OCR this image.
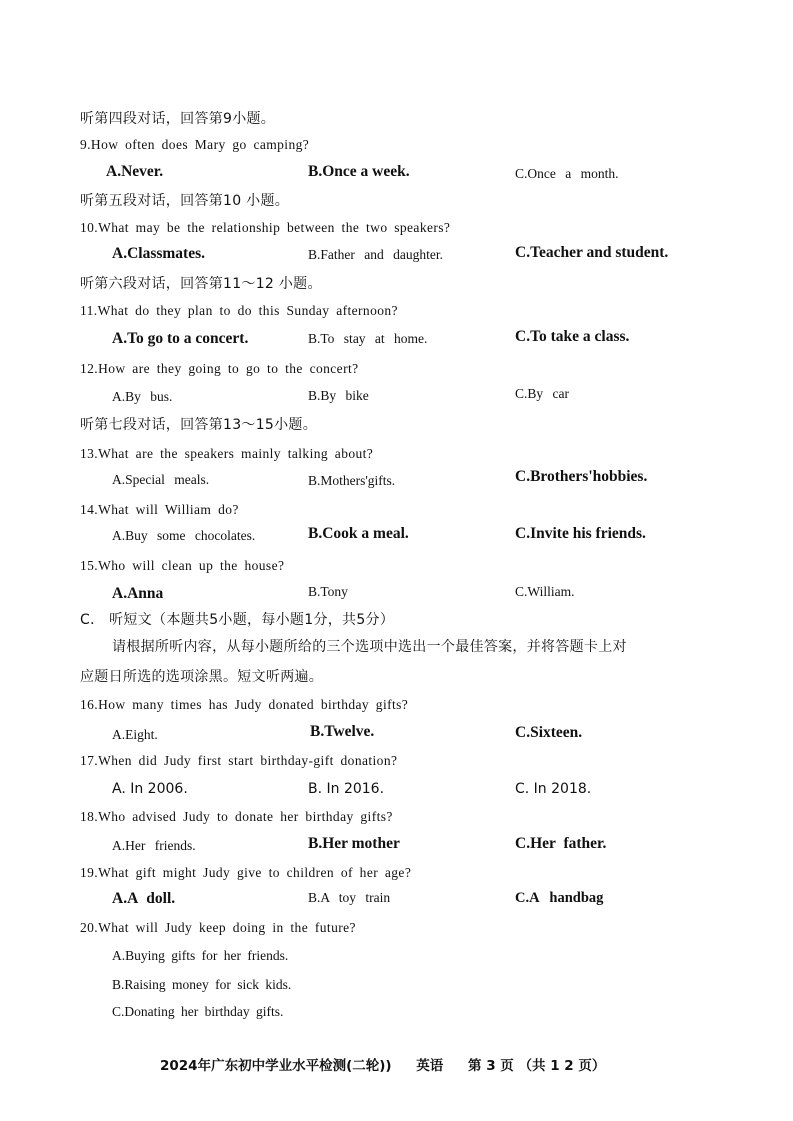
听第四段对话，回答第9小题。
9.How often does Mary go camping?
A.Never.	B.Once a week.	C.Once a month.
听第五段对话，回答第10 小题。
10.What may be the relationship between the two speakers?
A.Classmates.	B.Father and daughter.	C.Teacher and student.
听第六段对话，回答第11～12 小题。
11.What do they plan to do this Sunday afternoon?
A.To go to a concert.	B.To stay at home.	C.To take a class.
12.How are they going to go to the concert?
A.By bus.	B.By bike	C.By car
听第七段对话，回答第13～15小题。
13.What are the speakers mainly talking about?
A.Special meals.	B.Mothers'gifts.	C.Brothers'hobbies.
14.What will William do?
A.Buy some chocolates.	B.Cook a meal.	C.Invite his friends.
15.Who will clean up the house?
A.Anna	B.Tony	C.William.
C． 听短文（本题共5小题，每小题1分，共5分）
请根据所听内容，从每小题所给的三个选项中选出一个最佳答案，并将答题卡上对
应题日所选的选项涂黑。短文听两遍。
16.How many times has Judy donated birthday gifts?
A.Eight.	B.Twelve.	C.Sixteen.
17.When did Judy first start birthday-gift donation?
A. In 2006.	B. In 2016.	C. In 2018.
18.Who advised Judy to donate her birthday gifts?
A.Her friends.	B.Her mother	C.Her father.
19.What gift might Judy give to children of her age?
A.A doll.	B.A toy train	C.A handbag
20.What will Judy keep doing in the future?
A.Buying gifts for her friends.
B.Raising money for sick kids.
C.Donating her birthday gifts.
2024年广东初中学业水平检测(二轮)) 英语 第 3 页 （共 1 2 页）
